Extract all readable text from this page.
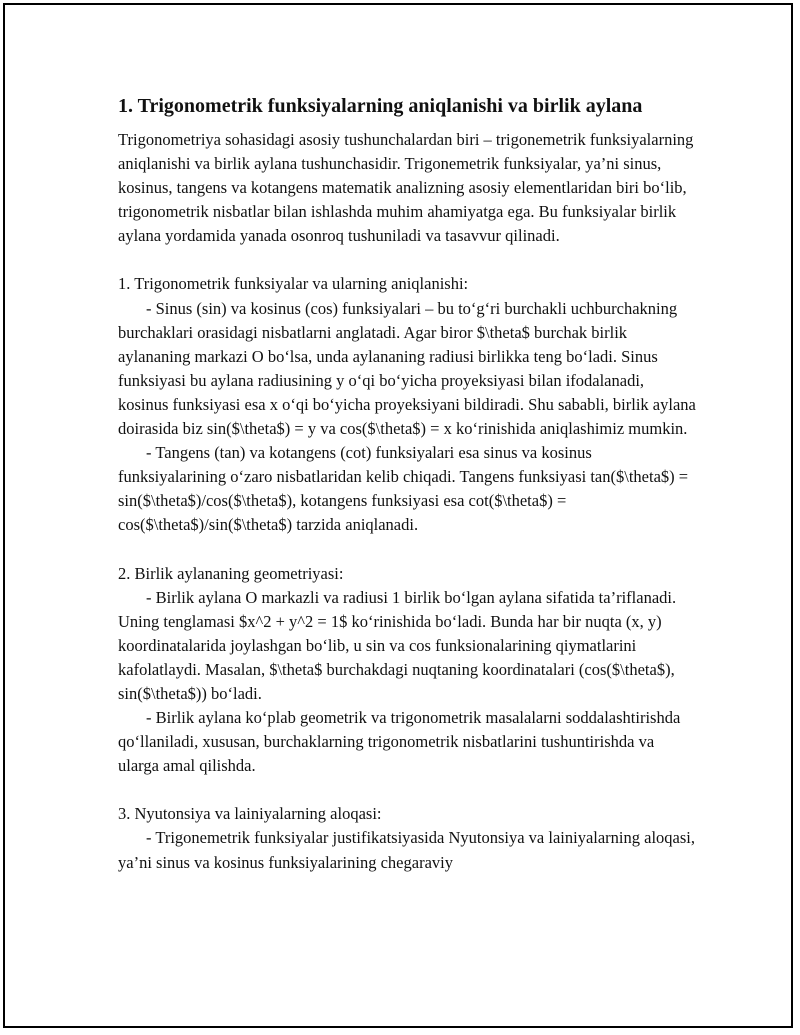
1. Trigonometrik funksiyalarning aniqlanishi va birlik aylana

Trigonometriya sohasidagi asosiy tushunchalardan biri – trigonemetrik funksiyalarning aniqlanishi va birlik aylana tushunchasidir. Trigonemetrik funksiyalar, ya’ni sinus, kosinus, tangens va kotangens matematik analizning asosiy elementlaridan biri bo‘lib, trigonometrik nisbatlar bilan ishlashda muhim ahamiyatga ega. Bu funksiyalar birlik aylana yordamida yanada osonroq tushuniladi va tasavvur qilinadi.

1. Trigonometrik funksiyalar va ularning aniqlanishi:

- Sinus (sin) va kosinus (cos) funksiyalari – bu to‘g‘ri burchakli uchburchakning burchaklari orasidagi nisbatlarni anglatadi. Agar biror $\theta$ burchak birlik aylananing markazi O bo‘lsa, unda aylananing radiusi birlikka teng bo‘ladi. Sinus funksiyasi bu aylana radiusining y o‘qi bo‘yicha proyeksiyasi bilan ifodalanadi, kosinus funksiyasi esa x o‘qi bo‘yicha proyeksiyani bildiradi. Shu sababli, birlik aylana doirasida biz sin($\theta$) = y va cos($\theta$) = x ko‘rinishida aniqlashimiz mumkin.

- Tangens (tan) va kotangens (cot) funksiyalari esa sinus va kosinus funksiyalarining o‘zaro nisbatlaridan kelib chiqadi. Tangens funksiyasi tan($\theta$) = sin($\theta$)/cos($\theta$), kotangens funksiyasi esa cot($\theta$) = cos($\theta$)/sin($\theta$) tarzida aniqlanadi.

2. Birlik aylananing geometriyasi:

- Birlik aylana O markazli va radiusi 1 birlik bo‘lgan aylana sifatida ta’riflanadi. Uning tenglamasi $x^2 + y^2 = 1$ ko‘rinishida bo‘ladi. Bunda har bir nuqta (x, y) koordinatalarida joylashgan bo‘lib, u sin va cos funksionalarining qiymatlarini kafolatlaydi. Masalan, $\theta$ burchakdagi nuqtaning koordinatalari (cos($\theta$), sin($\theta$)) bo‘ladi.

- Birlik aylana ko‘plab geometrik va trigonometrik masalalarni soddalashtirishda qo‘llaniladi, xususan, burchaklarning trigonometrik nisbatlarini tushuntirishda va ularga amal qilishda.

3. Nyutonsiya va lainiyalarning aloqasi:

- Trigonemetrik funksiyalar justifikatsiyasida Nyutonsiya va lainiyalarning aloqasi, ya’ni sinus va kosinus funksiyalarining chegaraviy
